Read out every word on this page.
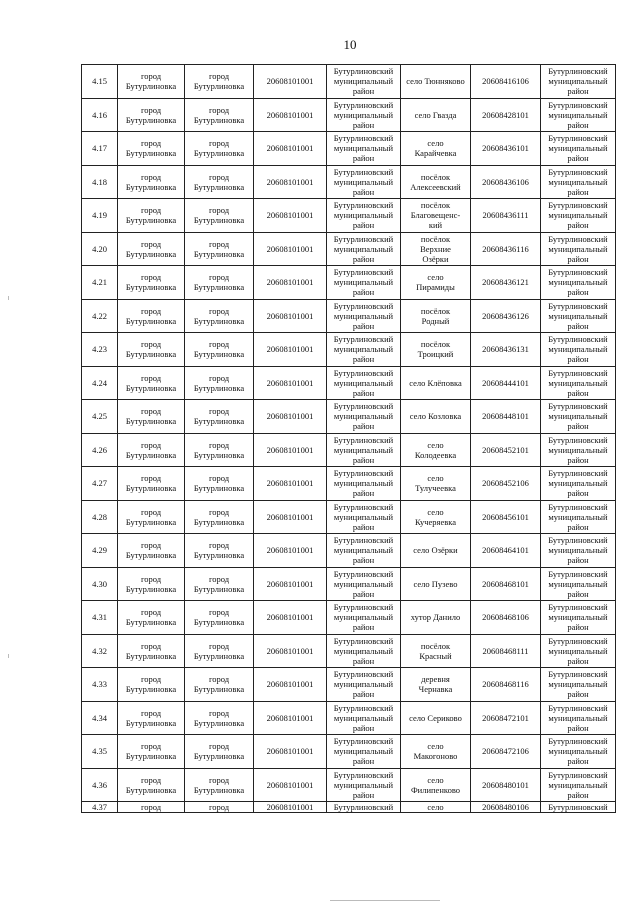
10
4.15	город
Бутурлиновка	город
Бутурлиновка	20608101001	Бутурлиновский
муниципальный
район	село Тюнняково	20608416106	Бутурлиновский
муниципальный
район

4.16	город
Бутурлиновка	город
Бутурлиновка	20608101001	Бутурлиновский
муниципальный
район	село Гвазда	20608428101	Бутурлиновский
муниципальный
район

4.17	город
Бутурлиновка	город
Бутурлиновка	20608101001	Бутурлиновский
муниципальный
район	село
Карайчевка	20608436101	Бутурлиновский
муниципальный
район

4.18	город
Бутурлиновка	город
Бутурлиновка	20608101001	Бутурлиновский
муниципальный
район	посёлок
Алексеевский	20608436106	Бутурлиновский
муниципальный
район

4.19	город
Бутурлиновка	город
Бутурлиновка	20608101001	Бутурлиновский
муниципальный
район	посёлок
Благовещенс-
кий	20608436111	Бутурлиновский
муниципальный
район

4.20	город
Бутурлиновка	город
Бутурлиновка	20608101001	Бутурлиновский
муниципальный
район	посёлок
Верхние
Озёрки	20608436116	Бутурлиновский
муниципальный
район

4.21	город
Бутурлиновка	город
Бутурлиновка	20608101001	Бутурлиновский
муниципальный
район	село
Пирамиды	20608436121	Бутурлиновский
муниципальный
район

4.22	город
Бутурлиновка	город
Бутурлиновка	20608101001	Бутурлиновский
муниципальный
район	посёлок
Родный	20608436126	Бутурлиновский
муниципальный
район

4.23	город
Бутурлиновка	город
Бутурлиновка	20608101001	Бутурлиновский
муниципальный
район	посёлок
Троицкий	20608436131	Бутурлиновский
муниципальный
район

4.24	город
Бутурлиновка	город
Бутурлиновка	20608101001	Бутурлиновский
муниципальный
район	село Клёповка	20608444101	Бутурлиновский
муниципальный
район

4.25	город
Бутурлиновка	город
Бутурлиновка	20608101001	Бутурлиновский
муниципальный
район	село Козловка	20608448101	Бутурлиновский
муниципальный
район

4.26	город
Бутурлиновка	город
Бутурлиновка	20608101001	Бутурлиновский
муниципальный
район	село
Колодеевка	20608452101	Бутурлиновский
муниципальный
район

4.27	город
Бутурлиновка	город
Бутурлиновка	20608101001	Бутурлиновский
муниципальный
район	село
Тулучеевка	20608452106	Бутурлиновский
муниципальный
район

4.28	город
Бутурлиновка	город
Бутурлиновка	20608101001	Бутурлиновский
муниципальный
район	село
Кучеряевка	20608456101	Бутурлиновский
муниципальный
район

4.29	город
Бутурлиновка	город
Бутурлиновка	20608101001	Бутурлиновский
муниципальный
район	село Озёрки	20608464101	Бутурлиновский
муниципальный
район

4.30	город
Бутурлиновка	город
Бутурлиновка	20608101001	Бутурлиновский
муниципальный
район	село Пузево	20608468101	Бутурлиновский
муниципальный
район

4.31	город
Бутурлиновка	город
Бутурлиновка	20608101001	Бутурлиновский
муниципальный
район	хутор Данило	20608468106	Бутурлиновский
муниципальный
район

4.32	город
Бутурлиновка	город
Бутурлиновка	20608101001	Бутурлиновский
муниципальный
район	посёлок
Красный	20608468111	Бутурлиновский
муниципальный
район

4.33	город
Бутурлиновка	город
Бутурлиновка	20608101001	Бутурлиновский
муниципальный
район	деревня
Чернавка	20608468116	Бутурлиновский
муниципальный
район

4.34	город
Бутурлиновка	город
Бутурлиновка	20608101001	Бутурлиновский
муниципальный
район	село Сериково	20608472101	Бутурлиновский
муниципальный
район

4.35	город
Бутурлиновка	город
Бутурлиновка	20608101001	Бутурлиновский
муниципальный
район	село
Макогоново	20608472106	Бутурлиновский
муниципальный
район

4.36	город
Бутурлиновка	город
Бутурлиновка	20608101001	Бутурлиновский
муниципальный
район	село
Филипенково	20608480101	Бутурлиновский
муниципальный
район

4.37	город	город	20608101001	Бутурлиновский	село	20608480106	Бутурлиновский
